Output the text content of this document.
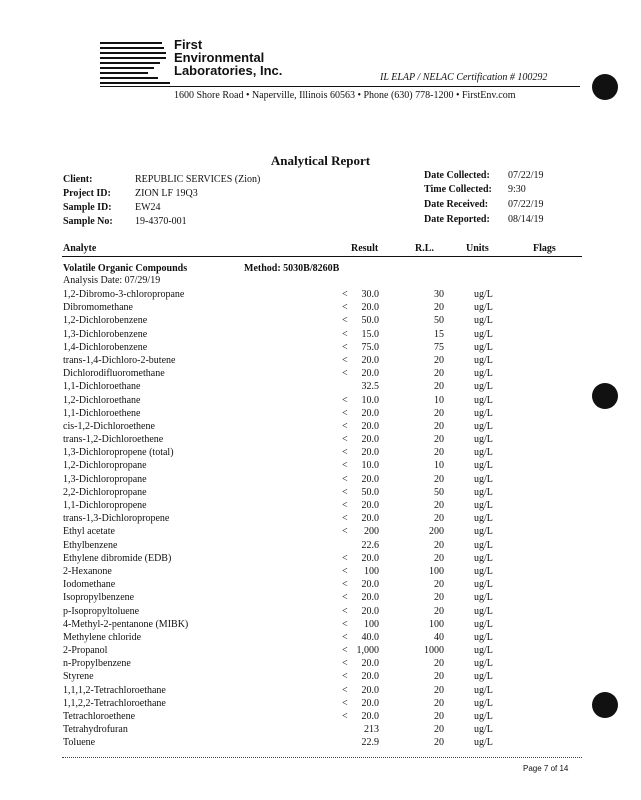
First
Environmental
Laboratories, Inc.	IL ELAP / NELAC Certification # 100292
1600 Shore Road • Naperville, Illinois 60563 • Phone (630) 778-1200 • FirstEnv.com
Analytical Report
Client:	REPUBLIC SERVICES (Zion)
Project ID: ZION LF 19Q3
Sample ID: EW24
Sample No: 19-4370-001
Date Collected: 07/22/19
Time Collected: 9:30
Date Received: 07/22/19
Date Reported: 08/14/19
Analyte	Result	R.L.	Units	Flags
Volatile Organic Compounds	Method: 5030B/8260B
Analysis Date: 07/29/19
1,2-Dibromo-3-chloropropane	<	30.0	30	ug/L
Dibromomethane	<	20.0	20	ug/L
1,2-Dichlorobenzene	<	50.0	50	ug/L
1,3-Dichlorobenzene	<	15.0	15	ug/L
1,4-Dichlorobenzene	<	75.0	75	ug/L
trans-1,4-Dichloro-2-butene	<	20.0	20	ug/L
Dichlorodifluoromethane	<	20.0	20	ug/L
1,1-Dichloroethane	32.5	20	ug/L
1,2-Dichloroethane	<	10.0	10	ug/L
1,1-Dichloroethene	<	20.0	20	ug/L
cis-1,2-Dichloroethene	<	20.0	20	ug/L
trans-1,2-Dichloroethene	<	20.0	20	ug/L
1,3-Dichloropropene (total)	<	20.0	20	ug/L
1,2-Dichloropropane	<	10.0	10	ug/L
1,3-Dichloropropane	<	20.0	20	ug/L
2,2-Dichloropropane	<	50.0	50	ug/L
1,1-Dichloropropene	<	20.0	20	ug/L
trans-1,3-Dichloropropene	<	20.0	20	ug/L
Ethyl acetate	<	200	200	ug/L
Ethylbenzene	22.6	20	ug/L
Ethylene dibromide (EDB)	<	20.0	20	ug/L
2-Hexanone	<	100	100	ug/L
Iodomethane	<	20.0	20	ug/L
Isopropylbenzene	<	20.0	20	ug/L
p-Isopropyltoluene	<	20.0	20	ug/L
4-Methyl-2-pentanone (MIBK)	<	100	100	ug/L
Methylene chloride	<	40.0	40	ug/L
2-Propanol	< 1,000	1000	ug/L
n-Propylbenzene	<	20.0	20	ug/L
Styrene	<	20.0	20	ug/L
1,1,1,2-Tetrachloroethane	<	20.0	20	ug/L
1,1,2,2-Tetrachloroethane	<	20.0	20	ug/L
Tetrachloroethene	<	20.0	20	ug/L
Tetrahydrofuran	213	20	ug/L
Toluene	22.9	20	ug/L
Page 7 of 14
